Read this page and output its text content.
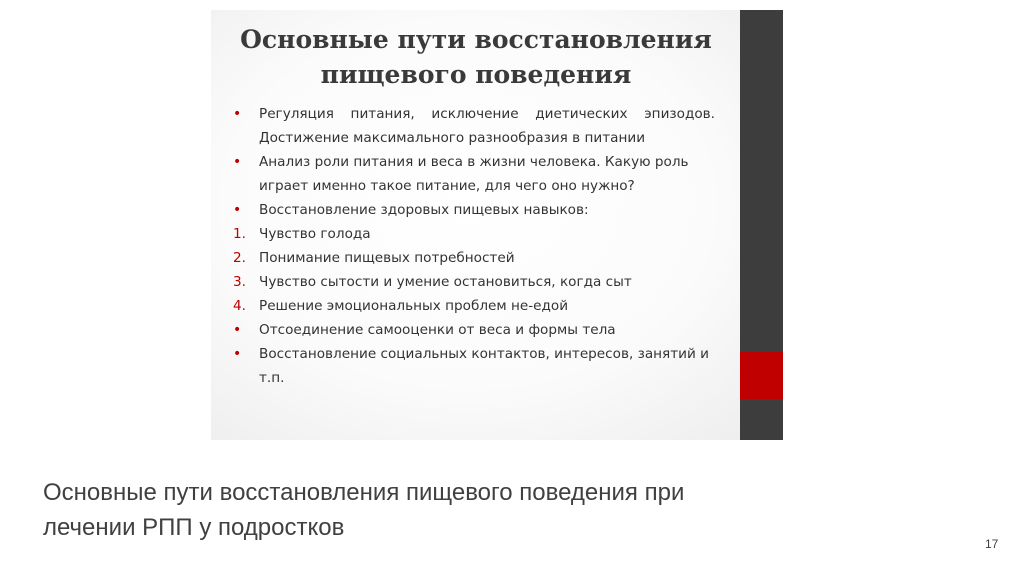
Основные пути восстановления пищевого поведения
•	Регуляция питания, исключение диетических эпизодов. Достижение максимального разнообразия в питании
•	Анализ роли питания и веса в жизни человека. Какую роль играет именно такое питание, для чего оно нужно?
•	Восстановление здоровых пищевых навыков:
1. Чувство голода
2. Понимание пищевых потребностей
3. Чувство сытости и умение остановиться, когда сыт
4. Решение эмоциональных проблем не-едой
•	Отсоединение самооценки от веса и формы тела
•	Восстановление социальных контактов, интересов, занятий и т.п.

Основные пути восстановления пищевого поведения при лечении РПП у подростков

17
